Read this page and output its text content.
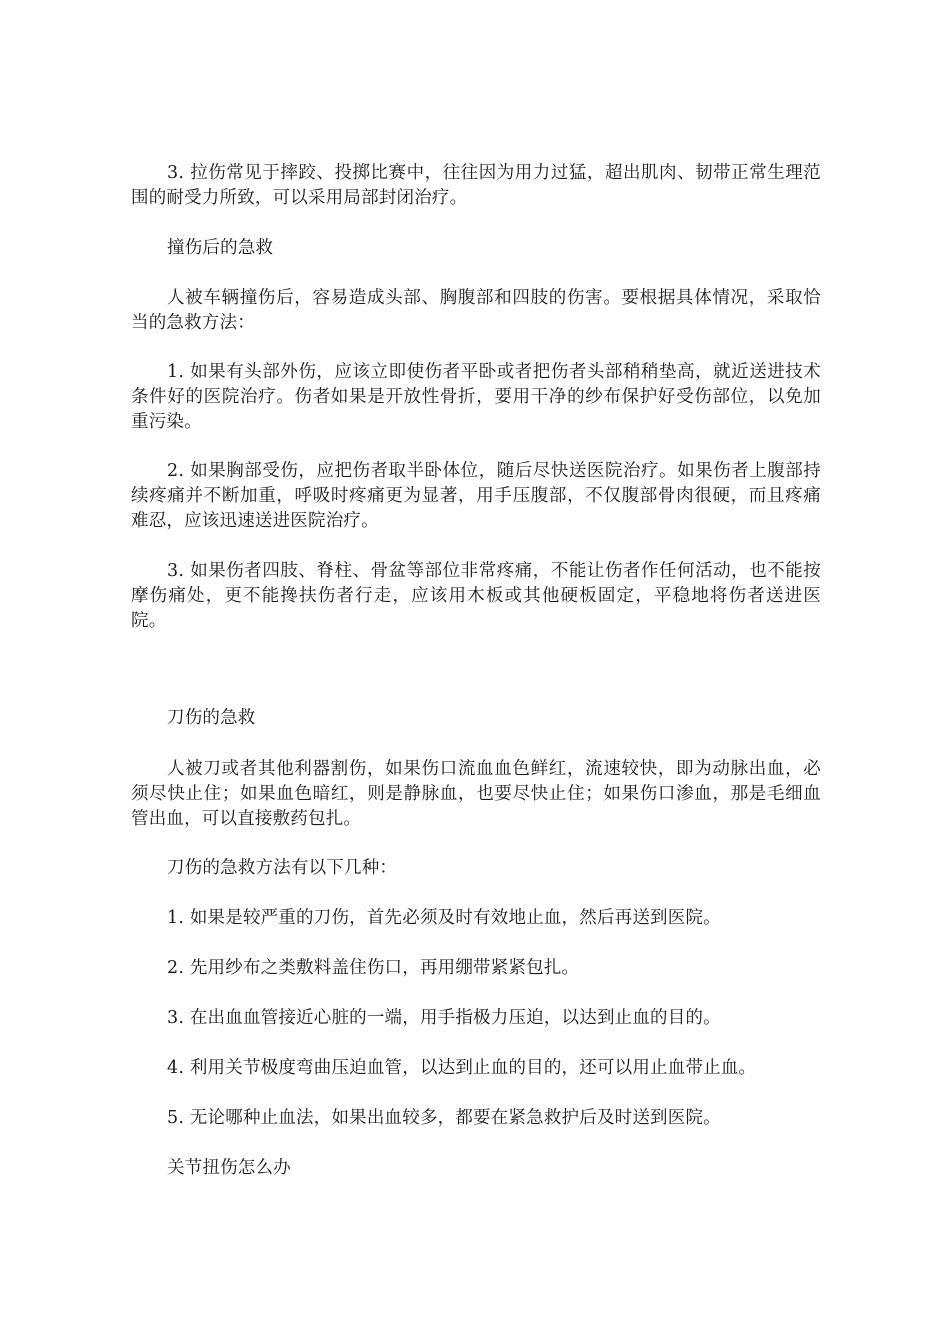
3. 拉伤常见于摔跤、投掷比赛中，往往因为用力过猛，超出肌肉、韧带正常生理范围的耐受力所致，可以采用局部封闭治疗。

撞伤后的急救

人被车辆撞伤后，容易造成头部、胸腹部和四肢的伤害。要根据具体情况，采取恰当的急救方法：

1. 如果有头部外伤，应该立即使伤者平卧或者把伤者头部稍稍垫高，就近送进技术条件好的医院治疗。伤者如果是开放性骨折，要用干净的纱布保护好受伤部位，以免加重污染。

2. 如果胸部受伤，应把伤者取半卧体位，随后尽快送医院治疗。如果伤者上腹部持续疼痛并不断加重，呼吸时疼痛更为显著，用手压腹部，不仅腹部骨肉很硬，而且疼痛难忍，应该迅速送进医院治疗。

3. 如果伤者四肢、脊柱、骨盆等部位非常疼痛，不能让伤者作任何活动，也不能按摩伤痛处，更不能搀扶伤者行走，应该用木板或其他硬板固定，平稳地将伤者送进医院。

刀伤的急救

人被刀或者其他利器割伤，如果伤口流血血色鲜红，流速较快，即为动脉出血，必须尽快止住；如果血色暗红，则是静脉血，也要尽快止住；如果伤口渗血，那是毛细血管出血，可以直接敷药包扎。

刀伤的急救方法有以下几种：

1. 如果是较严重的刀伤，首先必须及时有效地止血，然后再送到医院。

2. 先用纱布之类敷料盖住伤口，再用绷带紧紧包扎。

3. 在出血血管接近心脏的一端，用手指极力压迫，以达到止血的目的。

4. 利用关节极度弯曲压迫血管，以达到止血的目的，还可以用止血带止血。

5. 无论哪种止血法，如果出血较多，都要在紧急救护后及时送到医院。

关节扭伤怎么办
